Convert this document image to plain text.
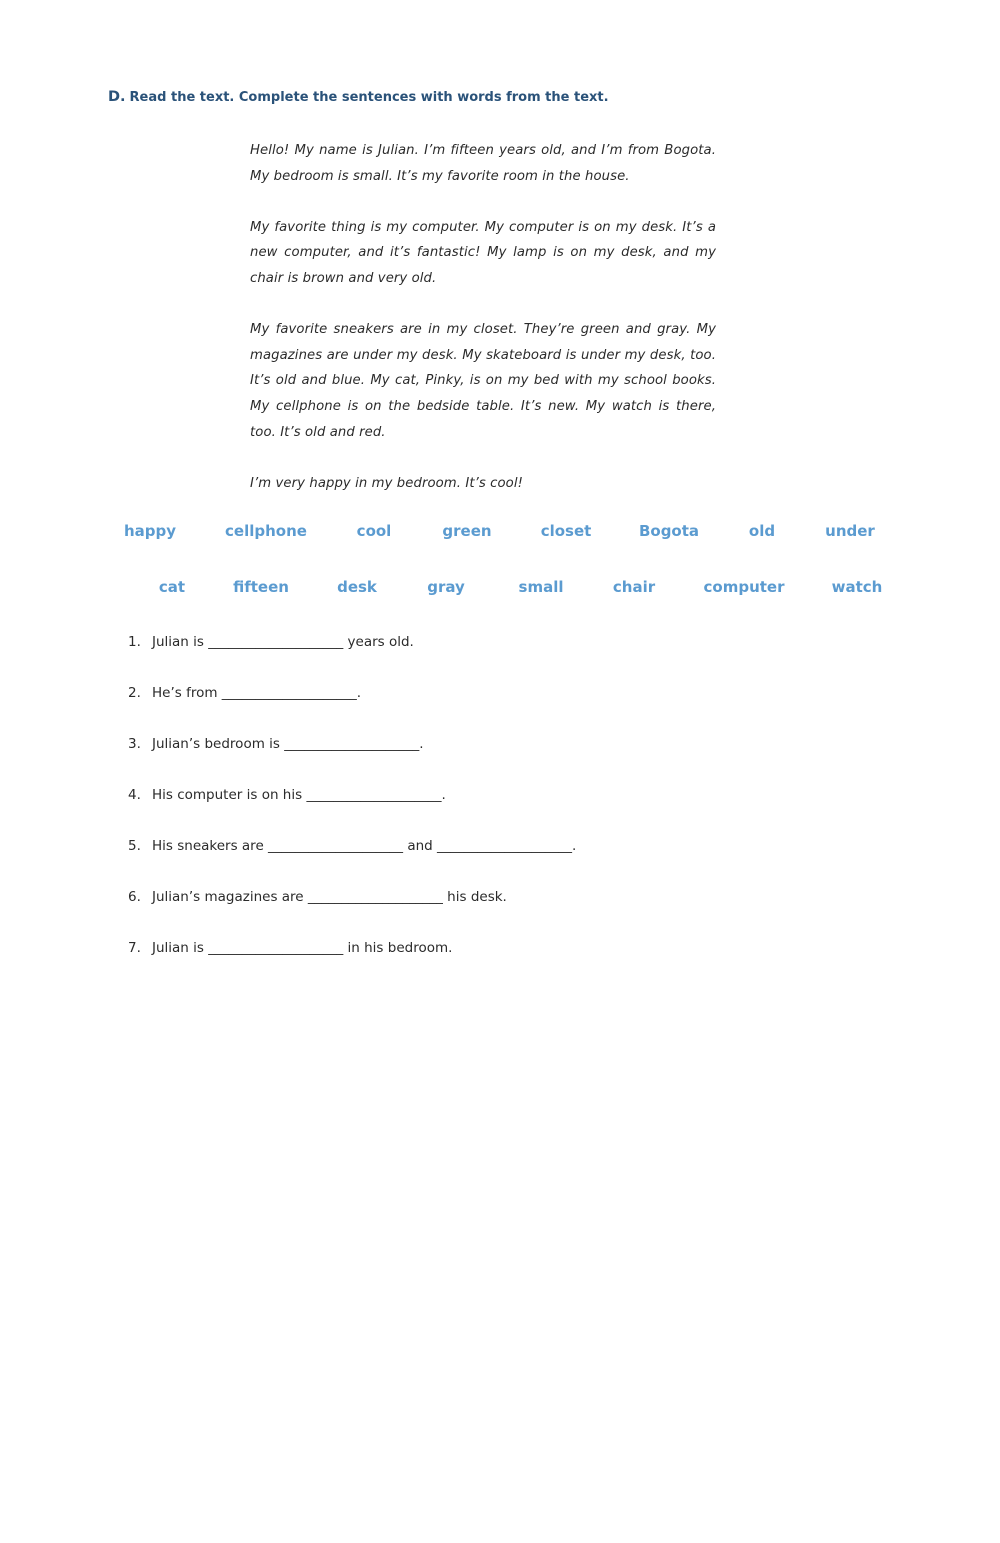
D. Read the text. Complete the sentences with words from the text.

Hello! My name is Julian. I’m fifteen years old, and I’m from Bogota. My bedroom is small. It’s my favorite room in the house.

My favorite thing is my computer. My computer is on my desk. It’s a new computer, and it’s fantastic! My lamp is on my desk, and my chair is brown and very old.

My favorite sneakers are in my closet. They’re green and gray. My magazines are under my desk. My skateboard is under my desk, too. It’s old and blue. My cat, Pinky, is on my bed with my school books. My cellphone is on the bedside table. It’s new. My watch is there, too. It’s old and red.

I’m very happy in my bedroom. It’s cool!

happy	cellphone	cool	green	closet	Bogota	old	under
cat	fifteen	desk	gray	small	chair	computer	watch
1. Julian is ____________________ years old.
2. He’s from ____________________.
3. Julian’s bedroom is ____________________.
4. His computer is on his ____________________.
5. His sneakers are ____________________ and ____________________.
6. Julian’s magazines are ____________________ his desk.
7. Julian is ____________________ in his bedroom.
